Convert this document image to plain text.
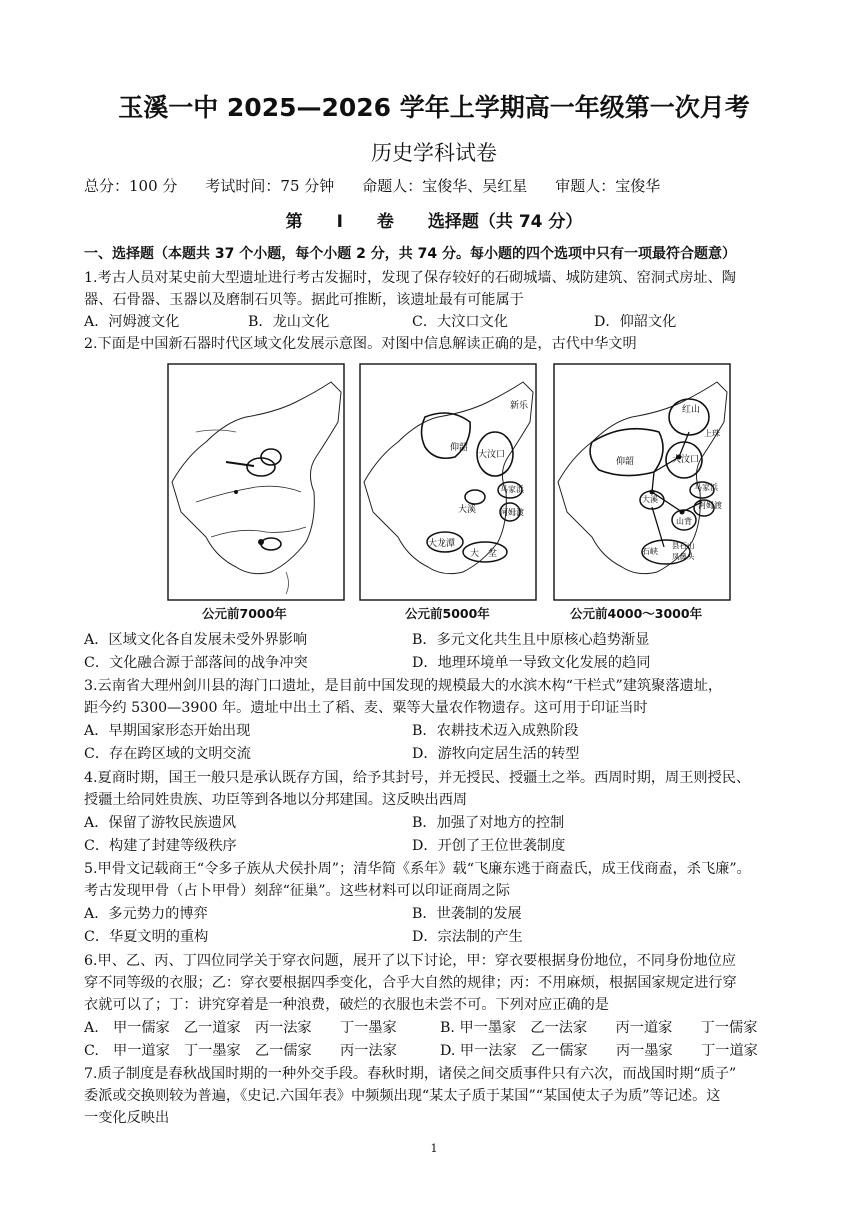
玉溪一中 2025—2026 学年上学期高一年级第一次月考
历史学科试卷
总分：100 分 考试时间：75 分钟 命题人：宝俊华、吴红星 审题人：宝俊华
第　　I　　卷　　选择题（共 74 分）
一、选择题（本题共 37 个小题，每个小题 2 分，共 74 分。每小题的四个选项中只有一项最符合题意）
1.考古人员对某史前大型遗址进行考古发掘时，发现了保存较好的石砌城墙、城防建筑、窑洞式房址、陶
器、石骨器、玉器以及磨制石贝等。据此可推断，该遗址最有可能属于
A．河姆渡文化	B．龙山文化	C．大汶口文化	D．仰韶文化
2.下面是中国新石器时代区域文化发展示意图。对图中信息解读正确的是，古代中华文明
新乐
仰韶
大汶口
马家浜
大溪	河姆渡
大龙潭
大　坌
红山
上珠
仰韶	大汶口
马家浜
大溪
河姆渡
山背
石峡
县石山
凤鼻头
公元前7000年	公元前5000年	公元前4000～3000年
A．区域文化各自发展未受外界影响	B．多元文化共生且中原核心趋势渐显
C．文化融合源于部落间的战争冲突	D．地理环境单一导致文化发展的趋同
3.云南省大理州剑川县的海门口遗址，是目前中国发现的规模最大的水滨木构“干栏式”建筑聚落遗址，
距今约 5300—3900 年。遗址中出土了稻、麦、粟等大量农作物遗存。这可用于印证当时
A．早期国家形态开始出现	B．农耕技术迈入成熟阶段
C．存在跨区域的文明交流	D．游牧向定居生活的转型
4.夏商时期，国王一般只是承认既存方国，给予其封号，并无授民、授疆土之举。西周时期，周王则授民、
授疆土给同姓贵族、功臣等到各地以分邦建国。这反映出西周
A．保留了游牧民族遗风	B．加强了对地方的控制
C．构建了封建等级秩序	D．开创了王位世袭制度
5.甲骨文记载商王“令多子族从犬侯扑周”；清华简《系年》载“飞廉东逃于商盍氏，成王伐商盍，杀飞廉”。
考古发现甲骨（占卜甲骨）刻辞“征巢”。这些材料可以印证商周之际
A．多元势力的博弈	B．世袭制的发展
C．华夏文明的重构	D．宗法制的产生
6.甲、乙、丙、丁四位同学关于穿衣问题，展开了以下讨论，甲：穿衣要根据身份地位，不同身份地位应
穿不同等级的衣服；乙：穿衣要根据四季变化，合乎大自然的规律；丙：不用麻烦，根据国家规定进行穿
衣就可以了；丁：讲究穿着是一种浪费，破烂的衣服也未尝不可。下列对应正确的是
A.　甲一儒家　乙一道家　丙一法家　　丁一墨家	B. 甲一墨家　乙一法家　　丙一道家　　丁一儒家
C.　甲一道家　丁一墨家　乙一儒家　　丙一法家	D. 甲一法家　乙一儒家　　丙一墨家　　丁一道家
7.质子制度是春秋战国时期的一种外交手段。春秋时期，诸侯之间交质事件只有六次，而战国时期“质子”
委派或交换则较为普遍，《史记.六国年表》中频频出现“某太子质于某国”“某国使太子为质”等记述。这
一变化反映出
1
